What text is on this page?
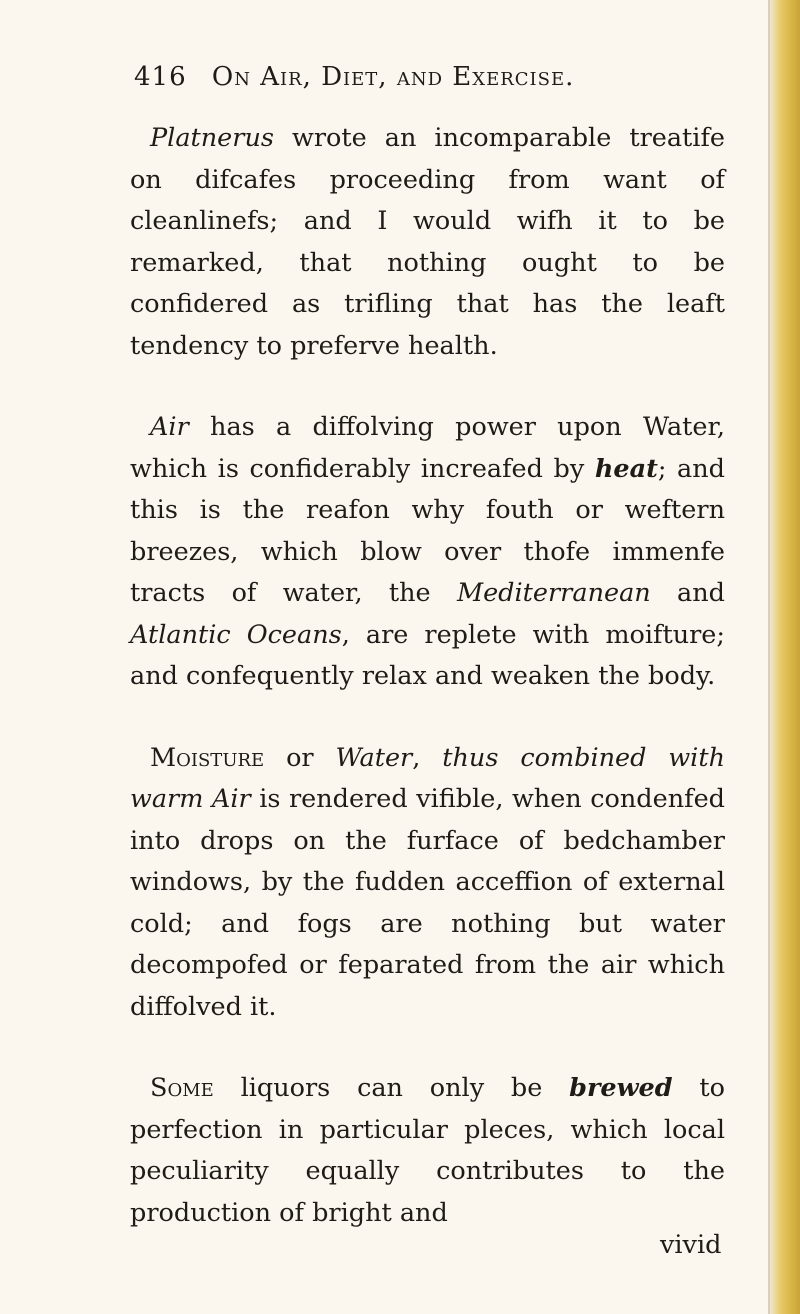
416 On Air, Diet, and Exercise.

Platnerus wrote an incomparable treatife on difcafes proceeding from want of cleanlinefs; and I would wifh it to be remarked, that nothing ought to be confidered as trifling that has the leaft tendency to preferve health.

Air has a diffolving power upon Water, which is confiderably increafed by heat; and this is the reafon why fouth or weftern breezes, which blow over thofe immenfe tracts of water, the Mediterranean and Atlantic Oceans, are replete with moifture; and confequently relax and weaken the body.

Moisture or Water, thus combined with warm Air is rendered vifible, when condenfed into drops on the furface of bedchamber windows, by the fudden acceffion of external cold; and fogs are nothing but water decompofed or feparated from the air which diffolved it.

Some liquors can only be brewed to perfection in particular pleces, which local peculiarity equally contributes to the production of bright and

vivid
